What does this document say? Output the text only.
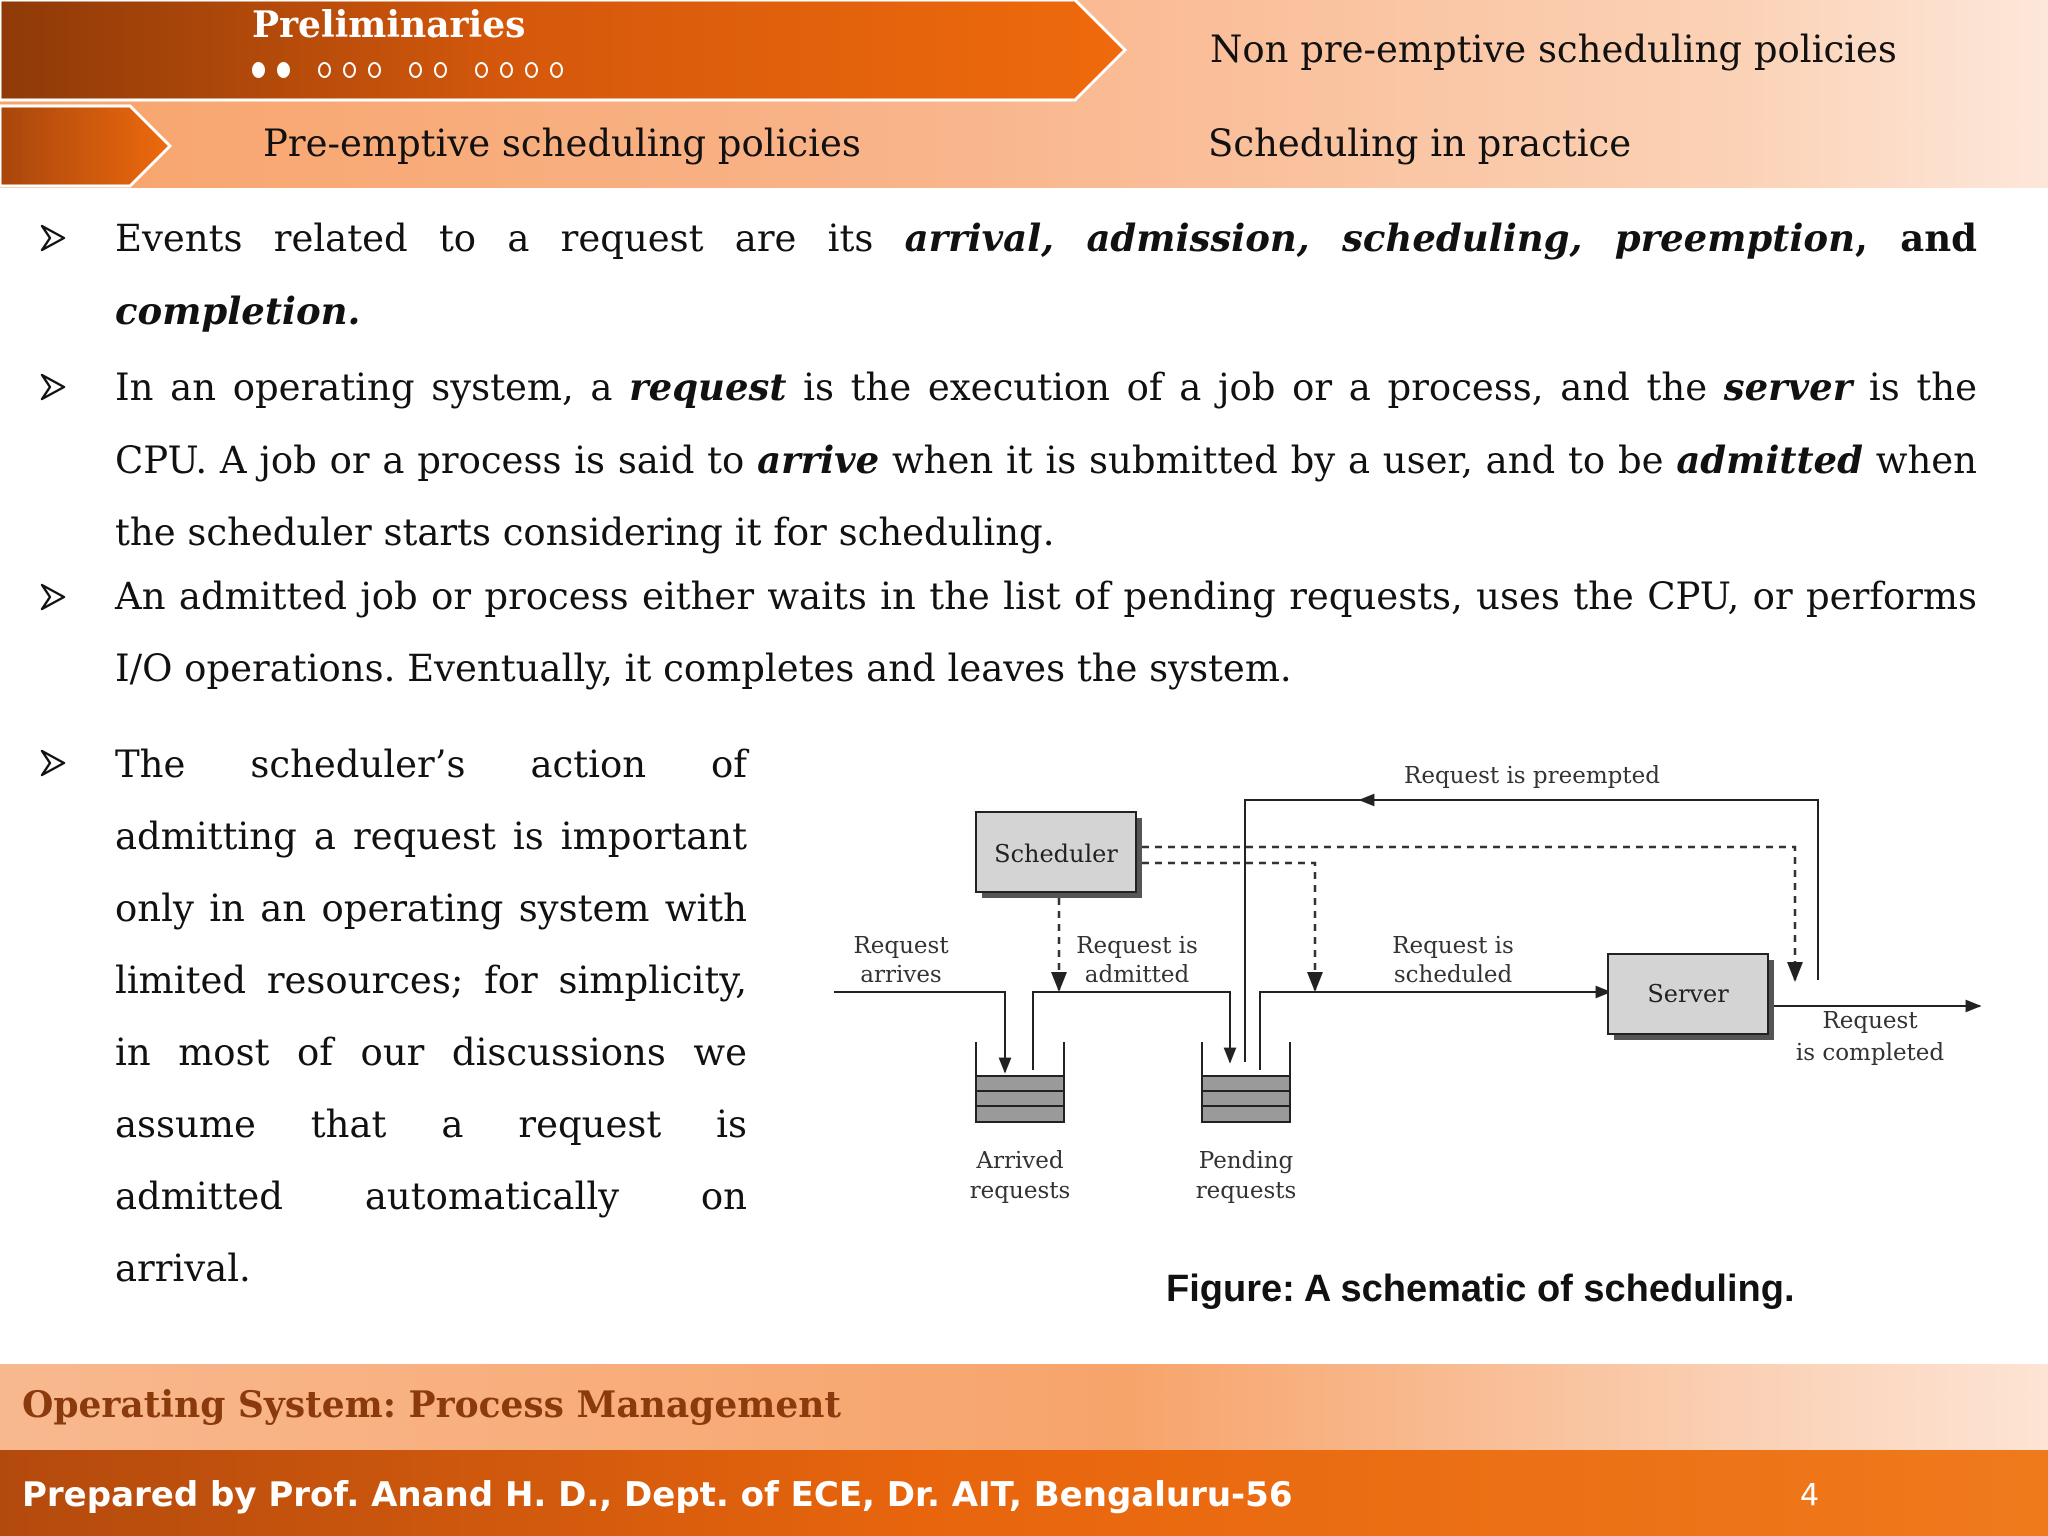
Preliminaries

Non pre-emptive scheduling policies

Pre-emptive scheduling policies	Scheduling in practice

Events related to a request are its arrival, admission, scheduling, preemption, and completion.
In an operating system, a request is the execution of a job or a process, and the server is the CPU. A job or a process is said to arrive when it is submitted by a user, and to be admitted when the scheduler starts considering it for scheduling.
An admitted job or process either waits in the list of pending requests, uses the CPU, or performs I/O operations. Eventually, it completes and leaves the system.
The scheduler’s action of admitting a request is important only in an operating system with limited resources; for simplicity, in most of our discussions we assume that a request is admitted automatically on arrival.
Request is preempted
Scheduler
Request
arrives
Request is
admitted
Request is
scheduled
Arrived
requests
Pending
requests
Server
Request
is completed

Figure: A schematic of scheduling.

Operating System: Process Management

Prepared by Prof. Anand H. D., Dept. of ECE, Dr. AIT, Bengaluru-56	4
